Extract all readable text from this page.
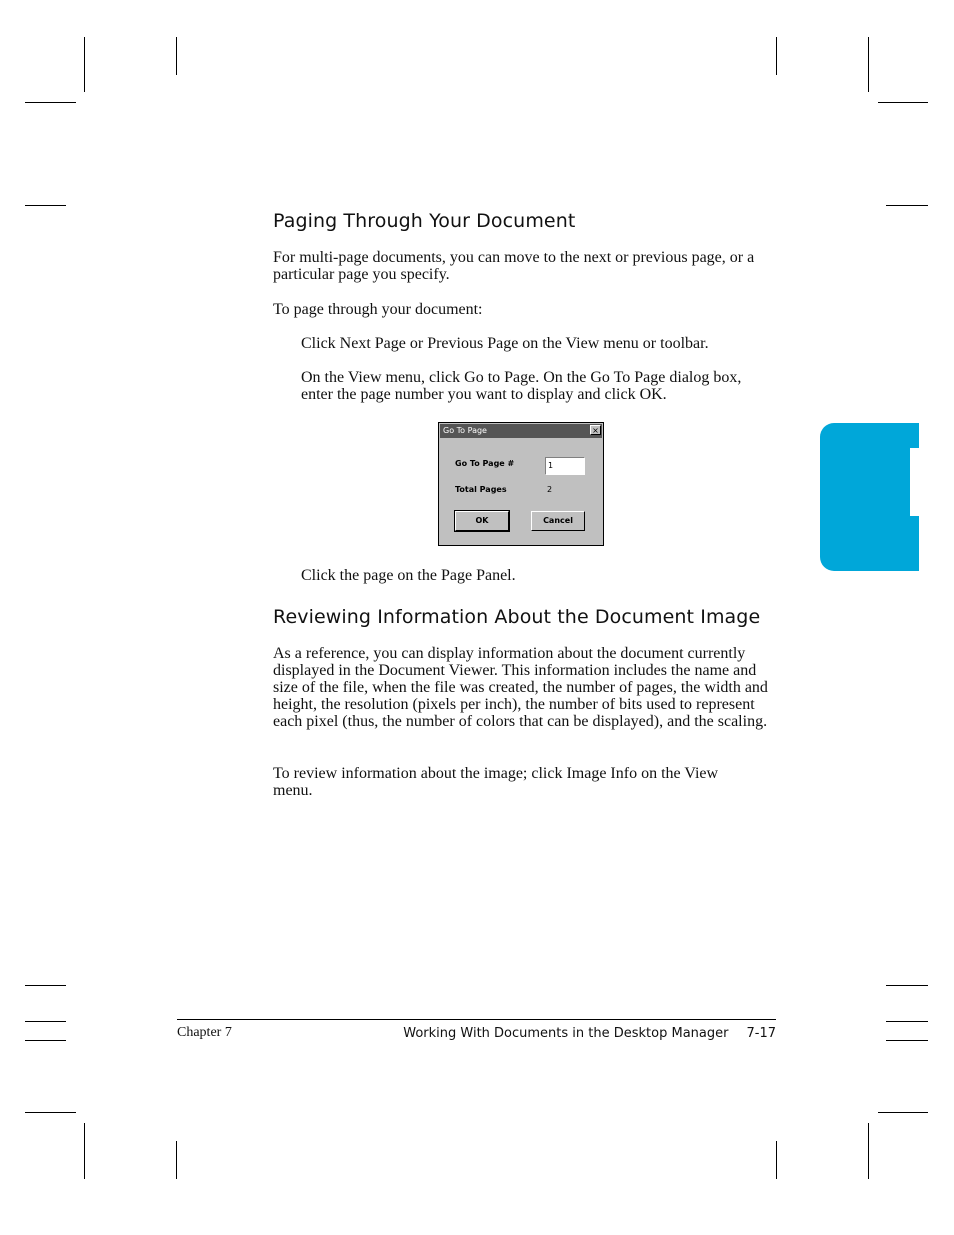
Paging Through Your Document

For multi-page documents, you can move to the next or previous page, or a particular page you specify.

To page through your document:

Click Next Page or Previous Page on the View menu or toolbar.

On the View menu, click Go to Page. On the Go To Page dialog box, enter the page number you want to display and click OK.

Go To Page	×
Go To Page #	1
Total Pages	2
OK	Cancel

Click the page on the Page Panel.

Reviewing Information About the Document Image

As a reference, you can display information about the document currently displayed in the Document Viewer. This information includes the name and size of the file, when the file was created, the number of pages, the width and height, the resolution (pixels per inch), the number of bits used to represent each pixel (thus, the number of colors that can be displayed), and the scaling.

To review information about the image; click Image Info on the View menu.

Chapter 7	Working With Documents in the Desktop Manager 7-17
